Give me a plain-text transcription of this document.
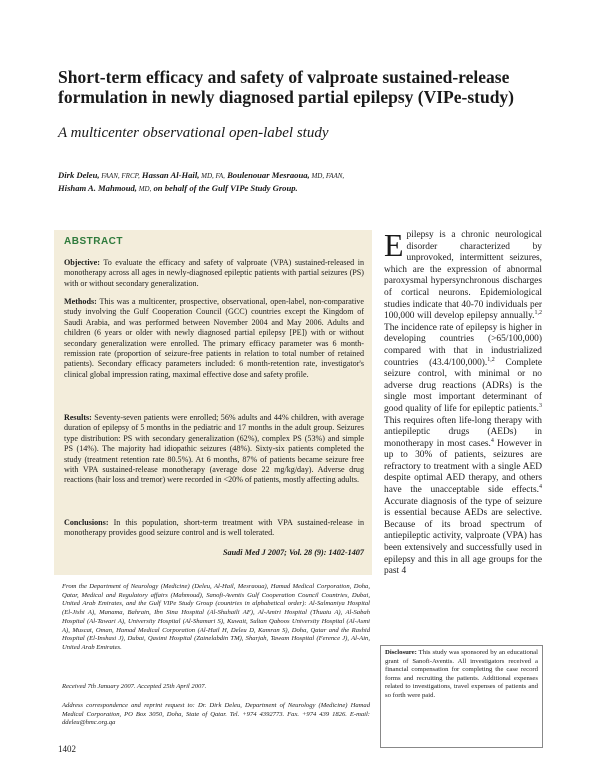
Short-term efficacy and safety of valproate sustained-release formulation in newly diagnosed partial epilepsy (VIPe-study)

A multicenter observational open-label study

Dirk Deleu, FAAN, FRCP, Hassan Al-Hail, MD, FA, Boulenouar Mesraoua, MD, FAAN,
Hisham A. Mahmoud, MD, on behalf of the Gulf VIPe Study Group.
ABSTRACT

Objective: To evaluate the efficacy and safety of valproate (VPA) sustained-released in monotherapy across all ages in newly-diagnosed epileptic patients with partial seizures (PS) with or without secondary generalization.

Methods: This was a multicenter, prospective, observational, open-label, non-comparative study involving the Gulf Cooperation Council (GCC) countries except the Kingdom of Saudi Arabia, and was performed between November 2004 and May 2006. Adults and children (6 years or older with newly diagnosed partial epilepsy [PE]) with or without secondary generalization were enrolled. The primary efficacy parameter was 6 month-remission rate (proportion of seizure-free patients in relation to total number of retained patients). Secondary efficacy parameters included: 6 month-retention rate, investigator's clinical global impression rating, maximal effective dose and safety profile.

Results: Seventy-seven patients were enrolled; 56% adults and 44% children, with average duration of epilepsy of 5 months in the pediatric and 17 months in the adult group. Seizures type distribution: PS with secondary generalization (62%), complex PS (53%) and simple PS (14%). The majority had idiopathic seizures (48%). Sixty-six patients completed the study (treatment retention rate 80.5%). At 6 months, 87% of patients became seizure free with VPA sustained-release monotherapy (average dose 22 mg/kg/day). Adverse drug reactions (hair loss and tremor) were recorded in <20% of patients, mostly affecting adults.

Conclusions: In this population, short-term treatment with VPA sustained-release in monotherapy provides good seizure control and is well tolerated.

Saudi Med J 2007; Vol. 28 (9): 1402-1407

From the Department of Neurology (Medicine) (Deleu, Al-Hail, Mesraoua), Hamad Medical Corporation, Doha, Qatar, Medical and Regulatory affairs (Mahmoud), Sanofi-Aventis Gulf Cooperation Council Countries, Dubai, United Arab Emirates, and the Gulf VIPe Study Group (countries in alphabetical order): Al-Salmaniya Hospital (El-Jishi A), Manama, Bahrain, Ibn Sina Hospital (Al-Shuhaili AF), Al-Amiri Hospital (Thuaiu A), Al-Sabah Hospital (Al-Tawari A), University Hospital (Al-Shamari S), Kuwait, Sultan Qaboos University Hospital (Al-Asmi A), Muscat, Oman, Hamad Medical Corporation (Al-Hail H, Deleu D, Kamran S), Doha, Qatar and the Rashid Hospital (El-Inshasi J), Dubai, Qasimi Hospital (Zainelabdin TM), Sharjah, Tawam Hospital (Ference J), Al-Ain, United Arab Emirates.

Received 7th January 2007. Accepted 25th April 2007.

Address correspondence and reprint request to: Dr. Dirk Deleu, Department of Neurology (Medicine) Hamad Medical Corporation, PO Box 3050, Doha, State of Qatar. Tel. +974 4392773. Fax. +974 439 1826. E-mail: ddeleu@hmc.org.qa

Epilepsy is a chronic neurological disorder characterized by unprovoked, intermittent seizures, which are the expression of abnormal paroxysmal hypersynchronous discharges of cortical neurons. Epidemiological studies indicate that 40-70 individuals per 100,000 will develop epilepsy annually.$^{1,2}$ The incidence rate of epilepsy is higher in developing countries (>65/100,000) compared with that in industrialized countries (43.4/100,000).$^{1,2}$ Complete seizure control, with minimal or no adverse drug reactions (ADRs) is the single most important determinant of good quality of life for epileptic patients.$^3$ This requires often life-long therapy with antiepileptic drugs (AEDs) in monotherapy in most cases.$^4$ However in up to 30% of patients, seizures are refractory to treatment with a single AED despite optimal AED therapy, and others have the unacceptable side effects.$^4$ Accurate diagnosis of the type of seizure is essential because AEDs are selective. Because of its broad spectrum of antiepileptic activity, valproate (VPA) has been extensively and successfully used in epilepsy and this in all age groups for the past 4

Disclosure: This study was sponsored by an educational grant of Sanofi-Aventis. All investigators received a financial compensation for completing the case record forms and recruiting the patients. Additional expenses related to investigations, travel expenses of patients and so forth were paid.
1402
